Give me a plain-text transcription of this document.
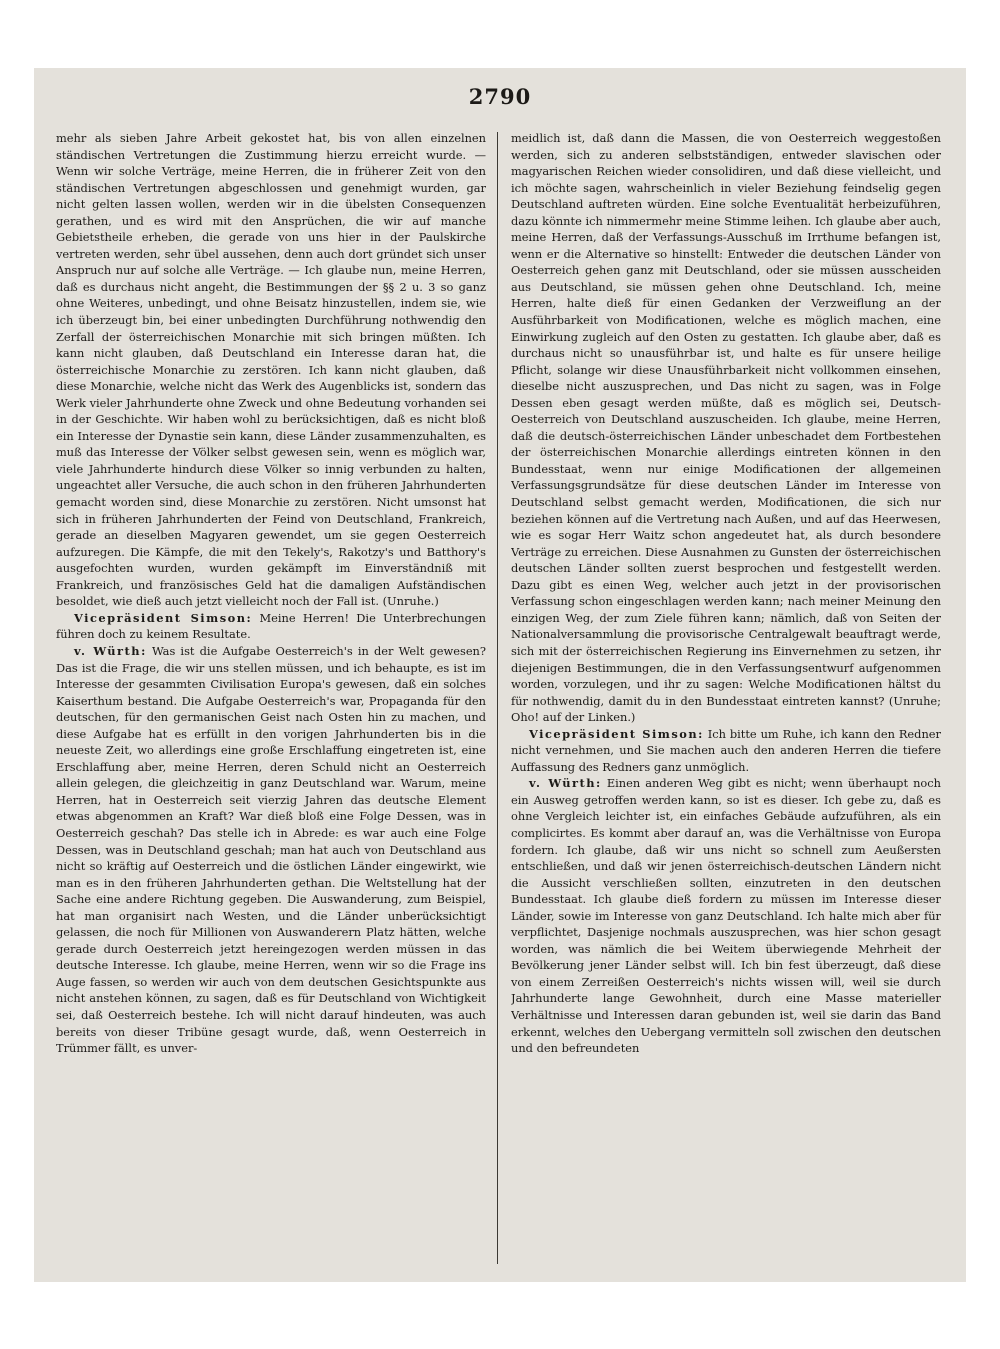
2790

mehr als sieben Jahre Arbeit gekostet hat, bis von allen einzelnen ständischen Vertretungen die Zustimmung hierzu erreicht wurde. — Wenn wir solche Verträge, meine Herren, die in früherer Zeit von den ständischen Vertretungen abgeschlossen und genehmigt wurden, gar nicht gelten lassen wollen, werden wir in die übelsten Consequenzen gerathen, und es wird mit den Ansprüchen, die wir auf manche Gebietstheile erheben, die gerade von uns hier in der Paulskirche vertreten werden, sehr übel aussehen, denn auch dort gründet sich unser Anspruch nur auf solche alle Verträge. — Ich glaube nun, meine Herren, daß es durchaus nicht angeht, die Bestimmungen der §§ 2 u. 3 so ganz ohne Weiteres, unbedingt, und ohne Beisatz hinzustellen, indem sie, wie ich überzeugt bin, bei einer unbedingten Durchführung nothwendig den Zerfall der österreichischen Monarchie mit sich bringen müßten. Ich kann nicht glauben, daß Deutschland ein Interesse daran hat, die österreichische Monarchie zu zerstören. Ich kann nicht glauben, daß diese Monarchie, welche nicht das Werk des Augenblicks ist, sondern das Werk vieler Jahrhunderte ohne Zweck und ohne Bedeutung vorhanden sei in der Geschichte. Wir haben wohl zu berücksichtigen, daß es nicht bloß ein Interesse der Dynastie sein kann, diese Länder zusammenzuhalten, es muß das Interesse der Völker selbst gewesen sein, wenn es möglich war, viele Jahrhunderte hindurch diese Völker so innig verbunden zu halten, ungeachtet aller Versuche, die auch schon in den früheren Jahrhunderten gemacht worden sind, diese Monarchie zu zerstören. Nicht umsonst hat sich in früheren Jahrhunderten der Feind von Deutschland, Frankreich, gerade an dieselben Magyaren gewendet, um sie gegen Oesterreich aufzuregen. Die Kämpfe, die mit den Tekely's, Rakotzy's und Batthory's ausgefochten wurden, wurden gekämpft im Einverständniß mit Frankreich, und französisches Geld hat die damaligen Aufständischen besoldet, wie dieß auch jetzt vielleicht noch der Fall ist. (Unruhe.)

Vicepräsident Simson: Meine Herren! Die Unterbrechungen führen doch zu keinem Resultate.

v. Würth: Was ist die Aufgabe Oesterreich's in der Welt gewesen? Das ist die Frage, die wir uns stellen müssen, und ich behaupte, es ist im Interesse der gesammten Civilisation Europa's gewesen, daß ein solches Kaiserthum bestand. Die Aufgabe Oesterreich's war, Propaganda für den deutschen, für den germanischen Geist nach Osten hin zu machen, und diese Aufgabe hat es erfüllt in den vorigen Jahrhunderten bis in die neueste Zeit, wo allerdings eine große Erschlaffung eingetreten ist, eine Erschlaffung aber, meine Herren, deren Schuld nicht an Oesterreich allein gelegen, die gleichzeitig in ganz Deutschland war. Warum, meine Herren, hat in Oesterreich seit vierzig Jahren das deutsche Element etwas abgenommen an Kraft? War dieß bloß eine Folge Dessen, was in Oesterreich geschah? Das stelle ich in Abrede: es war auch eine Folge Dessen, was in Deutschland geschah; man hat auch von Deutschland aus nicht so kräftig auf Oesterreich und die östlichen Länder eingewirkt, wie man es in den früheren Jahrhunderten gethan. Die Weltstellung hat der Sache eine andere Richtung gegeben. Die Auswanderung, zum Beispiel, hat man organisirt nach Westen, und die Länder unberücksichtigt gelassen, die noch für Millionen von Auswanderern Platz hätten, welche gerade durch Oesterreich jetzt hereingezogen werden müssen in das deutsche Interesse. Ich glaube, meine Herren, wenn wir so die Frage ins Auge fassen, so werden wir auch von dem deutschen Gesichtspunkte aus nicht anstehen können, zu sagen, daß es für Deutschland von Wichtigkeit sei, daß Oesterreich bestehe. Ich will nicht darauf hindeuten, was auch bereits von dieser Tribüne gesagt wurde, daß, wenn Oesterreich in Trümmer fällt, es unver-

meidlich ist, daß dann die Massen, die von Oesterreich weggestoßen werden, sich zu anderen selbstständigen, entweder slavischen oder magyarischen Reichen wieder consolidiren, und daß diese vielleicht, und ich möchte sagen, wahrscheinlich in vieler Beziehung feindselig gegen Deutschland auftreten würden. Eine solche Eventualität herbeizuführen, dazu könnte ich nimmermehr meine Stimme leihen. Ich glaube aber auch, meine Herren, daß der Verfassungs-Ausschuß im Irrthume befangen ist, wenn er die Alternative so hinstellt: Entweder die deutschen Länder von Oesterreich gehen ganz mit Deutschland, oder sie müssen ausscheiden aus Deutschland, sie müssen gehen ohne Deutschland. Ich, meine Herren, halte dieß für einen Gedanken der Verzweiflung an der Ausführbarkeit von Modificationen, welche es möglich machen, eine Einwirkung zugleich auf den Osten zu gestatten. Ich glaube aber, daß es durchaus nicht so unausführbar ist, und halte es für unsere heilige Pflicht, solange wir diese Unausführbarkeit nicht vollkommen einsehen, dieselbe nicht auszusprechen, und Das nicht zu sagen, was in Folge Dessen eben gesagt werden müßte, daß es möglich sei, Deutsch-Oesterreich von Deutschland auszuscheiden. Ich glaube, meine Herren, daß die deutsch-österreichischen Länder unbeschadet dem Fortbestehen der österreichischen Monarchie allerdings eintreten können in den Bundesstaat, wenn nur einige Modificationen der allgemeinen Verfassungsgrundsätze für diese deutschen Länder im Interesse von Deutschland selbst gemacht werden, Modificationen, die sich nur beziehen können auf die Vertretung nach Außen, und auf das Heerwesen, wie es sogar Herr Waitz schon angedeutet hat, als durch besondere Verträge zu erreichen. Diese Ausnahmen zu Gunsten der österreichischen deutschen Länder sollten zuerst besprochen und festgestellt werden. Dazu gibt es einen Weg, welcher auch jetzt in der provisorischen Verfassung schon eingeschlagen werden kann; nach meiner Meinung den einzigen Weg, der zum Ziele führen kann; nämlich, daß von Seiten der Nationalversammlung die provisorische Centralgewalt beauftragt werde, sich mit der österreichischen Regierung ins Einvernehmen zu setzen, ihr diejenigen Bestimmungen, die in den Verfassungsentwurf aufgenommen worden, vorzulegen, und ihr zu sagen: Welche Modificationen hältst du für nothwendig, damit du in den Bundesstaat eintreten kannst? (Unruhe; Oho! auf der Linken.)

Vicepräsident Simson: Ich bitte um Ruhe, ich kann den Redner nicht vernehmen, und Sie machen auch den anderen Herren die tiefere Auffassung des Redners ganz unmöglich.

v. Würth: Einen anderen Weg gibt es nicht; wenn überhaupt noch ein Ausweg getroffen werden kann, so ist es dieser. Ich gebe zu, daß es ohne Vergleich leichter ist, ein einfaches Gebäude aufzuführen, als ein complicirtes. Es kommt aber darauf an, was die Verhältnisse von Europa fordern. Ich glaube, daß wir uns nicht so schnell zum Aeußersten entschließen, und daß wir jenen österreichisch-deutschen Ländern nicht die Aussicht verschließen sollten, einzutreten in den deutschen Bundesstaat. Ich glaube dieß fordern zu müssen im Interesse dieser Länder, sowie im Interesse von ganz Deutschland. Ich halte mich aber für verpflichtet, Dasjenige nochmals auszusprechen, was hier schon gesagt worden, was nämlich die bei Weitem überwiegende Mehrheit der Bevölkerung jener Länder selbst will. Ich bin fest überzeugt, daß diese von einem Zerreißen Oesterreich's nichts wissen will, weil sie durch Jahrhunderte lange Gewohnheit, durch eine Masse materieller Verhältnisse und Interessen daran gebunden ist, weil sie darin das Band erkennt, welches den Uebergang vermitteln soll zwischen den deutschen und den befreundeten
